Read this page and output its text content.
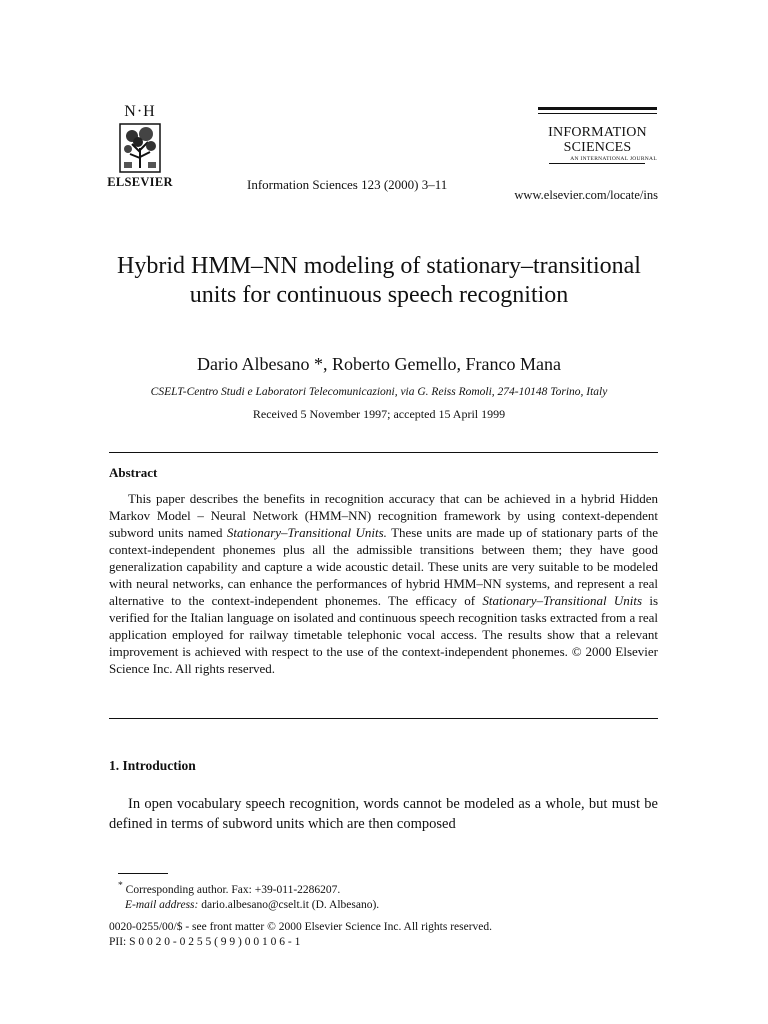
N·H
ELSEVIER	Information Sciences 123 (2000) 3–11
INFORMATION
SCIENCES
AN INTERNATIONAL JOURNAL
www.elsevier.com/locate/ins
Hybrid HMM–NN modeling of stationary–transitional units for continuous speech recognition
Dario Albesano *, Roberto Gemello, Franco Mana
CSELT-Centro Studi e Laboratori Telecomunicazioni, via G. Reiss Romoli, 274-10148 Torino, Italy
Received 5 November 1997; accepted 15 April 1999
Abstract
This paper describes the benefits in recognition accuracy that can be achieved in a hybrid Hidden Markov Model – Neural Network (HMM–NN) recognition framework by using context-dependent subword units named Stationary–Transitional Units. These units are made up of stationary parts of the context-independent phonemes plus all the admissible transitions between them; they have good generalization capability and capture a wide acoustic detail. These units are very suitable to be modeled with neural networks, can enhance the performances of hybrid HMM–NN systems, and represent a real alternative to the context-independent phonemes. The efficacy of Stationary–Transitional Units is verified for the Italian language on isolated and continuous speech recognition tasks extracted from a real application employed for railway timetable telephonic vocal access. The results show that a relevant improvement is achieved with respect to the use of the context-independent phonemes. © 2000 Elsevier Science Inc. All rights reserved.
1. Introduction
In open vocabulary speech recognition, words cannot be modeled as a whole, but must be defined in terms of subword units which are then composed
* Corresponding author. Fax: +39-011-2286207.
E-mail address: dario.albesano@cselt.it (D. Albesano).
0020-0255/00/$ - see front matter © 2000 Elsevier Science Inc. All rights reserved.
PII: S 0 0 2 0 - 0 2 5 5 ( 9 9 ) 0 0 1 0 6 - 1
